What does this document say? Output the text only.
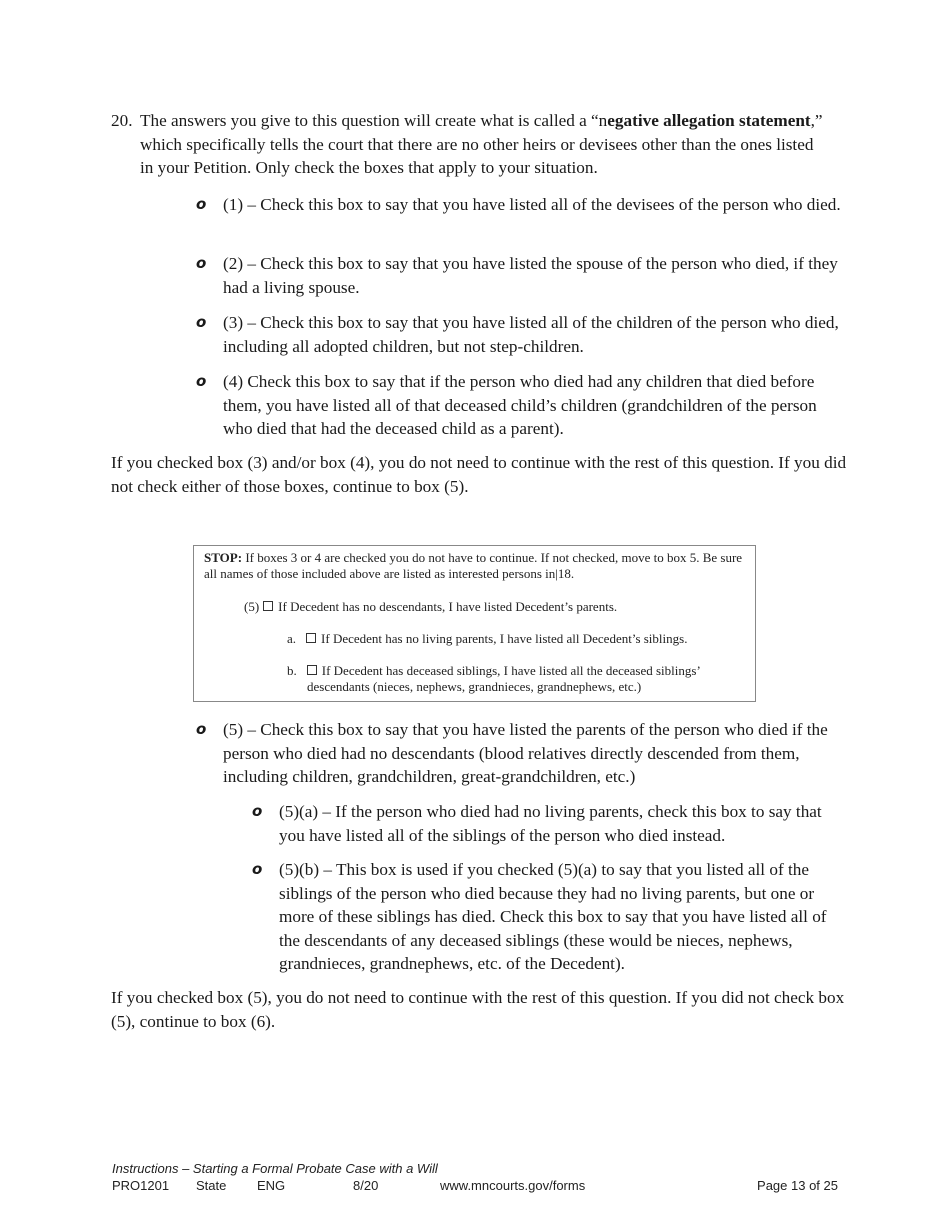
20. The answers you give to this question will create what is called a “negative allegation statement,” which specifically tells the court that there are no other heirs or devisees other than the ones listed in your Petition. Only check the boxes that apply to your situation.

o (1) – Check this box to say that you have listed all of the devisees of the person who died.

o (2) – Check this box to say that you have listed the spouse of the person who died, if they had a living spouse.

o (3) – Check this box to say that you have listed all of the children of the person who died, including all adopted children, but not step-children.

o (4) Check this box to say that if the person who died had any children that died before them, you have listed all of that deceased child’s children (grandchildren of the person who died that had the deceased child as a parent).

If you checked box (3) and/or box (4), you do not need to continue with the rest of this question. If you did not check either of those boxes, continue to box (5).

STOP: If boxes 3 or 4 are checked you do not have to continue. If not checked, move to box 5. Be sure all names of those included above are listed as interested persons in|18.
(5) If Decedent has no descendants, I have listed Decedent’s parents.
a. If Decedent has no living parents, I have listed all Decedent’s siblings.
b. If Decedent has deceased siblings, I have listed all the deceased siblings’
descendants (nieces, nephews, grandnieces, grandnephews, etc.)

o (5) – Check this box to say that you have listed the parents of the person who died if the person who died had no descendants (blood relatives directly descended from them, including children, grandchildren, great-grandchildren, etc.)

o (5)(a) – If the person who died had no living parents, check this box to say that you have listed all of the siblings of the person who died instead.

o (5)(b) – This box is used if you checked (5)(a) to say that you listed all of the siblings of the person who died because they had no living parents, but one or more of these siblings has died. Check this box to say that you have listed all of the descendants of any deceased siblings (these would be nieces, nephews, grandnieces, grandnephews, etc. of the Decedent).

If you checked box (5), you do not need to continue with the rest of this question. If you did not check box (5), continue to box (6).

Instructions – Starting a Formal Probate Case with a Will
PRO1201 State ENG	8/20	www.mncourts.gov/forms	Page 13 of 25
